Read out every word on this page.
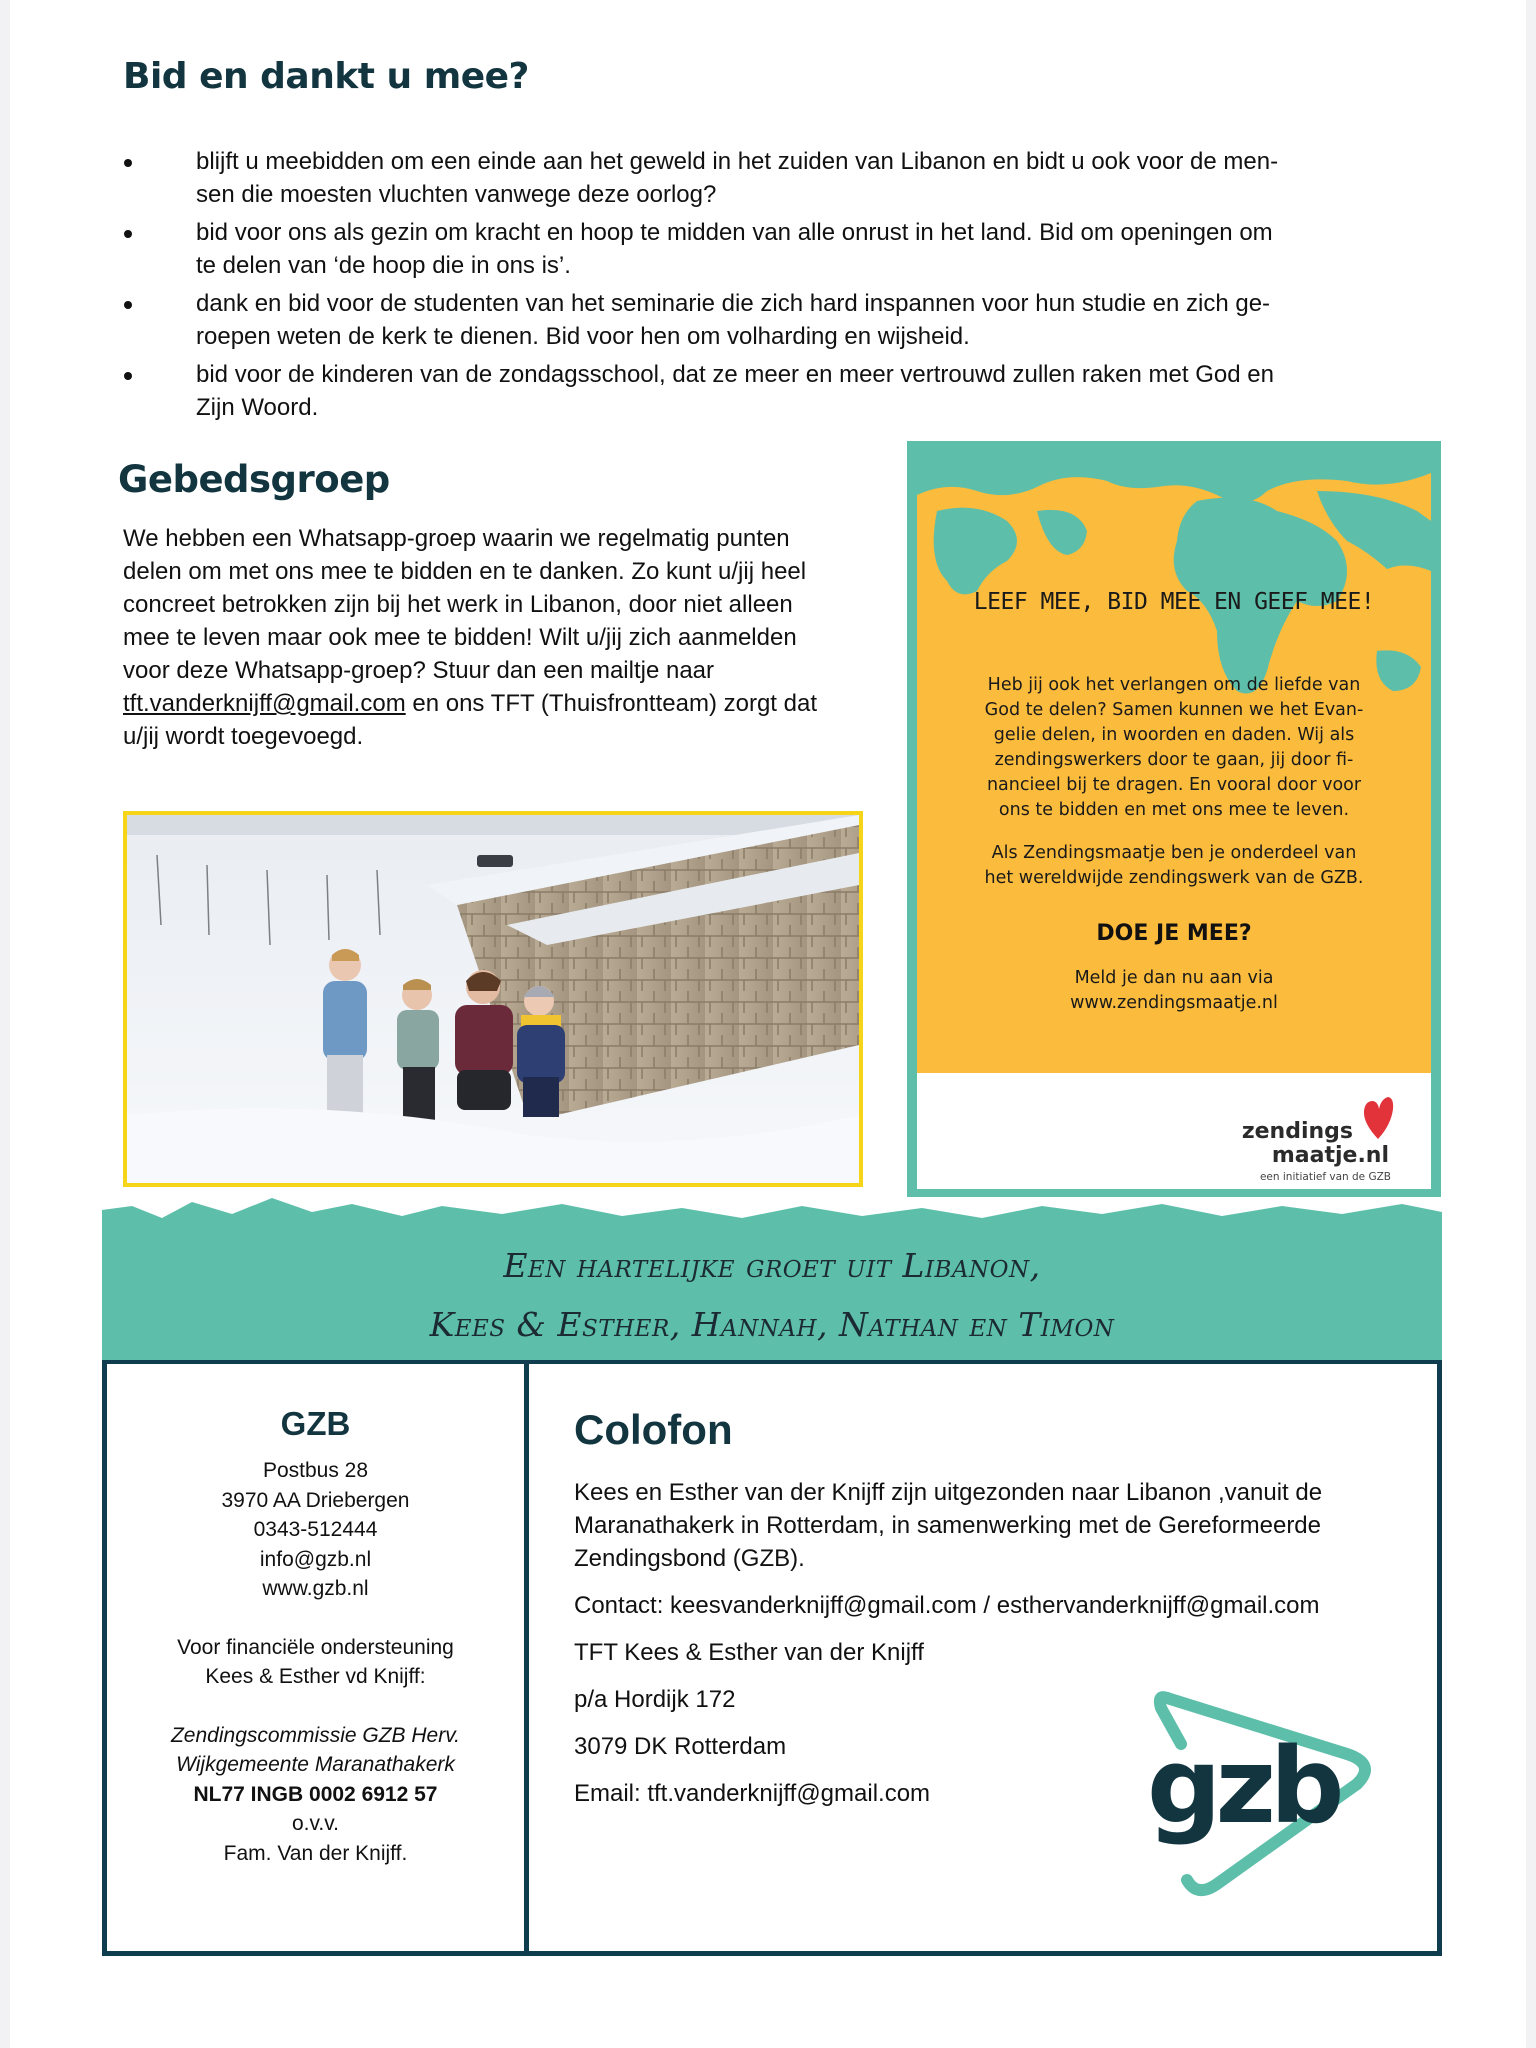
Bid en dankt u mee?
blijft u meebidden om een einde aan het geweld in het zuiden van Libanon en bidt u ook voor de men-
sen die moesten vluchten vanwege deze oorlog?
bid voor ons als gezin om kracht en hoop te midden van alle onrust in het land. Bid om openingen om
te delen van ‘de hoop die in ons is’.
dank en bid voor de studenten van het seminarie die zich hard inspannen voor hun studie en zich ge-
roepen weten de kerk te dienen. Bid voor hen om volharding en wijsheid.
bid voor de kinderen van de zondagsschool, dat ze meer en meer vertrouwd zullen raken met God en
Zijn Woord.
Gebedsgroep
We hebben een Whatsapp-groep waarin we regelmatig punten
delen om met ons mee te bidden en te danken. Zo kunt u/jij heel
concreet betrokken zijn bij het werk in Libanon, door niet alleen
mee te leven maar ook mee te bidden! Wilt u/jij zich aanmelden
voor deze Whatsapp-groep? Stuur dan een mailtje naar
tft.vanderknijff@gmail.com en ons TFT (Thuisfrontteam) zorgt dat
u/jij wordt toegevoegd.
LEEF MEE, BID MEE EN GEEF MEE!
Heb jij ook het verlangen om de liefde van
God te delen? Samen kunnen we het Evan-
gelie delen, in woorden en daden. Wij als
zendingswerkers door te gaan, jij door fi-
nancieel bij te dragen. En vooral door voor
ons te bidden en met ons mee te leven.
Als Zendingsmaatje ben je onderdeel van
het wereldwijde zendingswerk van de GZB.
DOE JE MEE?
Meld je dan nu aan via
www.zendingsmaatje.nl
zendings
maatje.nl
een initiatief van de GZB
Een hartelijke groet uit Libanon,
Kees & Esther, Hannah, Nathan en Timon
GZB
Postbus 28
3970 AA Driebergen
0343-512444
info@gzb.nl
www.gzb.nl
Voor financiële ondersteuning
Kees & Esther vd Knijff:
Zendingscommissie GZB Herv.
Wijkgemeente Maranathakerk
NL77 INGB 0002 6912 57
o.v.v.
Fam. Van der Knijff.
Colofon

Kees en Esther van der Knijff zijn uitgezonden naar Libanon ,vanuit de
Maranathakerk in Rotterdam, in samenwerking met de Gereformeerde
Zendingsbond (GZB).

Contact: keesvanderknijff@gmail.com / esthervanderknijff@gmail.com

TFT Kees & Esther van der Knijff

p/a Hordijk 172

3079 DK Rotterdam

Email: tft.vanderknijff@gmail.com	gzb
